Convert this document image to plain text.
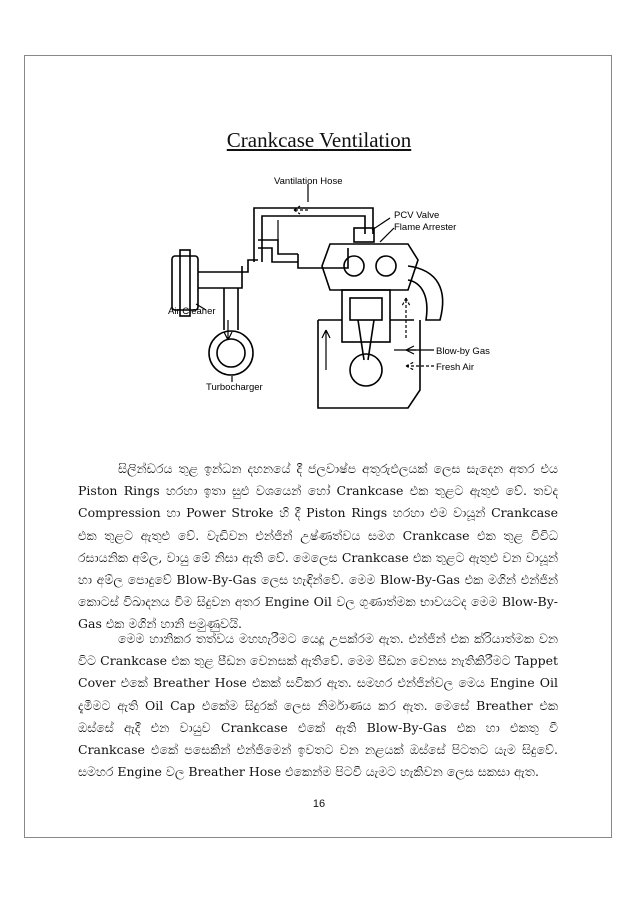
Crankcase Ventilation
Vantilation Hose
PCV Valve
Flame Arrester
Air Cleaner
Turbocharger
Blow-by Gas
Fresh Air

සිලින්ඩරය තුළ ඉන්ධන දහනයේ දී ජලවාෂ්ප අතුරුඵලයක් ලෙස සැදෙන අතර එය Piston Rings හරහා ඉතා සුළු වශයෙන් හෝ Crankcase එක තුළට ඇතුළු වේ. තවද Compression හා Power Stroke හි දී Piston Rings හරහා එම වායූන් Crankcase එක තුළට ඇතුළු වේ. වැඩිවන එන්ජින් උෂ්ණත්වය සමග Crankcase එක තුළ විවිධ රසායනික අම්ල, වායු මේ නිසා ඇති වේ. මෙලෙස Crankcase එක තුළට ඇතුළු වන වායූන් හා අම්ල පොදුවේ Blow-By-Gas ලෙස හැඳින්වේ. මෙම Blow-By-Gas එක මගින් එන්ජින් කොටස් විඛාදනය වීම සිදුවන අතර Engine Oil වල ගුණාත්මක භාවයටද මෙම Blow-By-Gas එක මගින් හානි පමුණුවයි.

මෙම හානිකර තත්වය මහහැරීමට යෙදූ උපක්රම ඇත. එන්ජින් එක ක්රියාත්මක වන විට Crankcase එක තුළ පීඩන වෙනසක් ඇතිවේ. මෙම පීඩන වෙනස නැතිකිරීමට Tappet Cover එකේ Breather Hose එකක් සවිකර ඇත. සමහර එන්ජින්වල මෙය Engine Oil දැමීමට ඇති Oil Cap එකේම සිදුරක් ලෙස නිර්මාණය කර ඇත. මෙසේ Breather එක ඔස්සේ ඇදී එන වායුව Crankcase එකේ ඇති Blow-By-Gas එක හා එකතු වී Crankcase එකේ පසෙකින් එන්ජිමෙන් ඉවතට වන නළයක් ඔස්සේ පිටතට යැම සිදුවේ. සමහර Engine වල Breather Hose එකෙන්ම පිටවී යැමට හැකිවන ලෙස සකසා ඇත.

16
